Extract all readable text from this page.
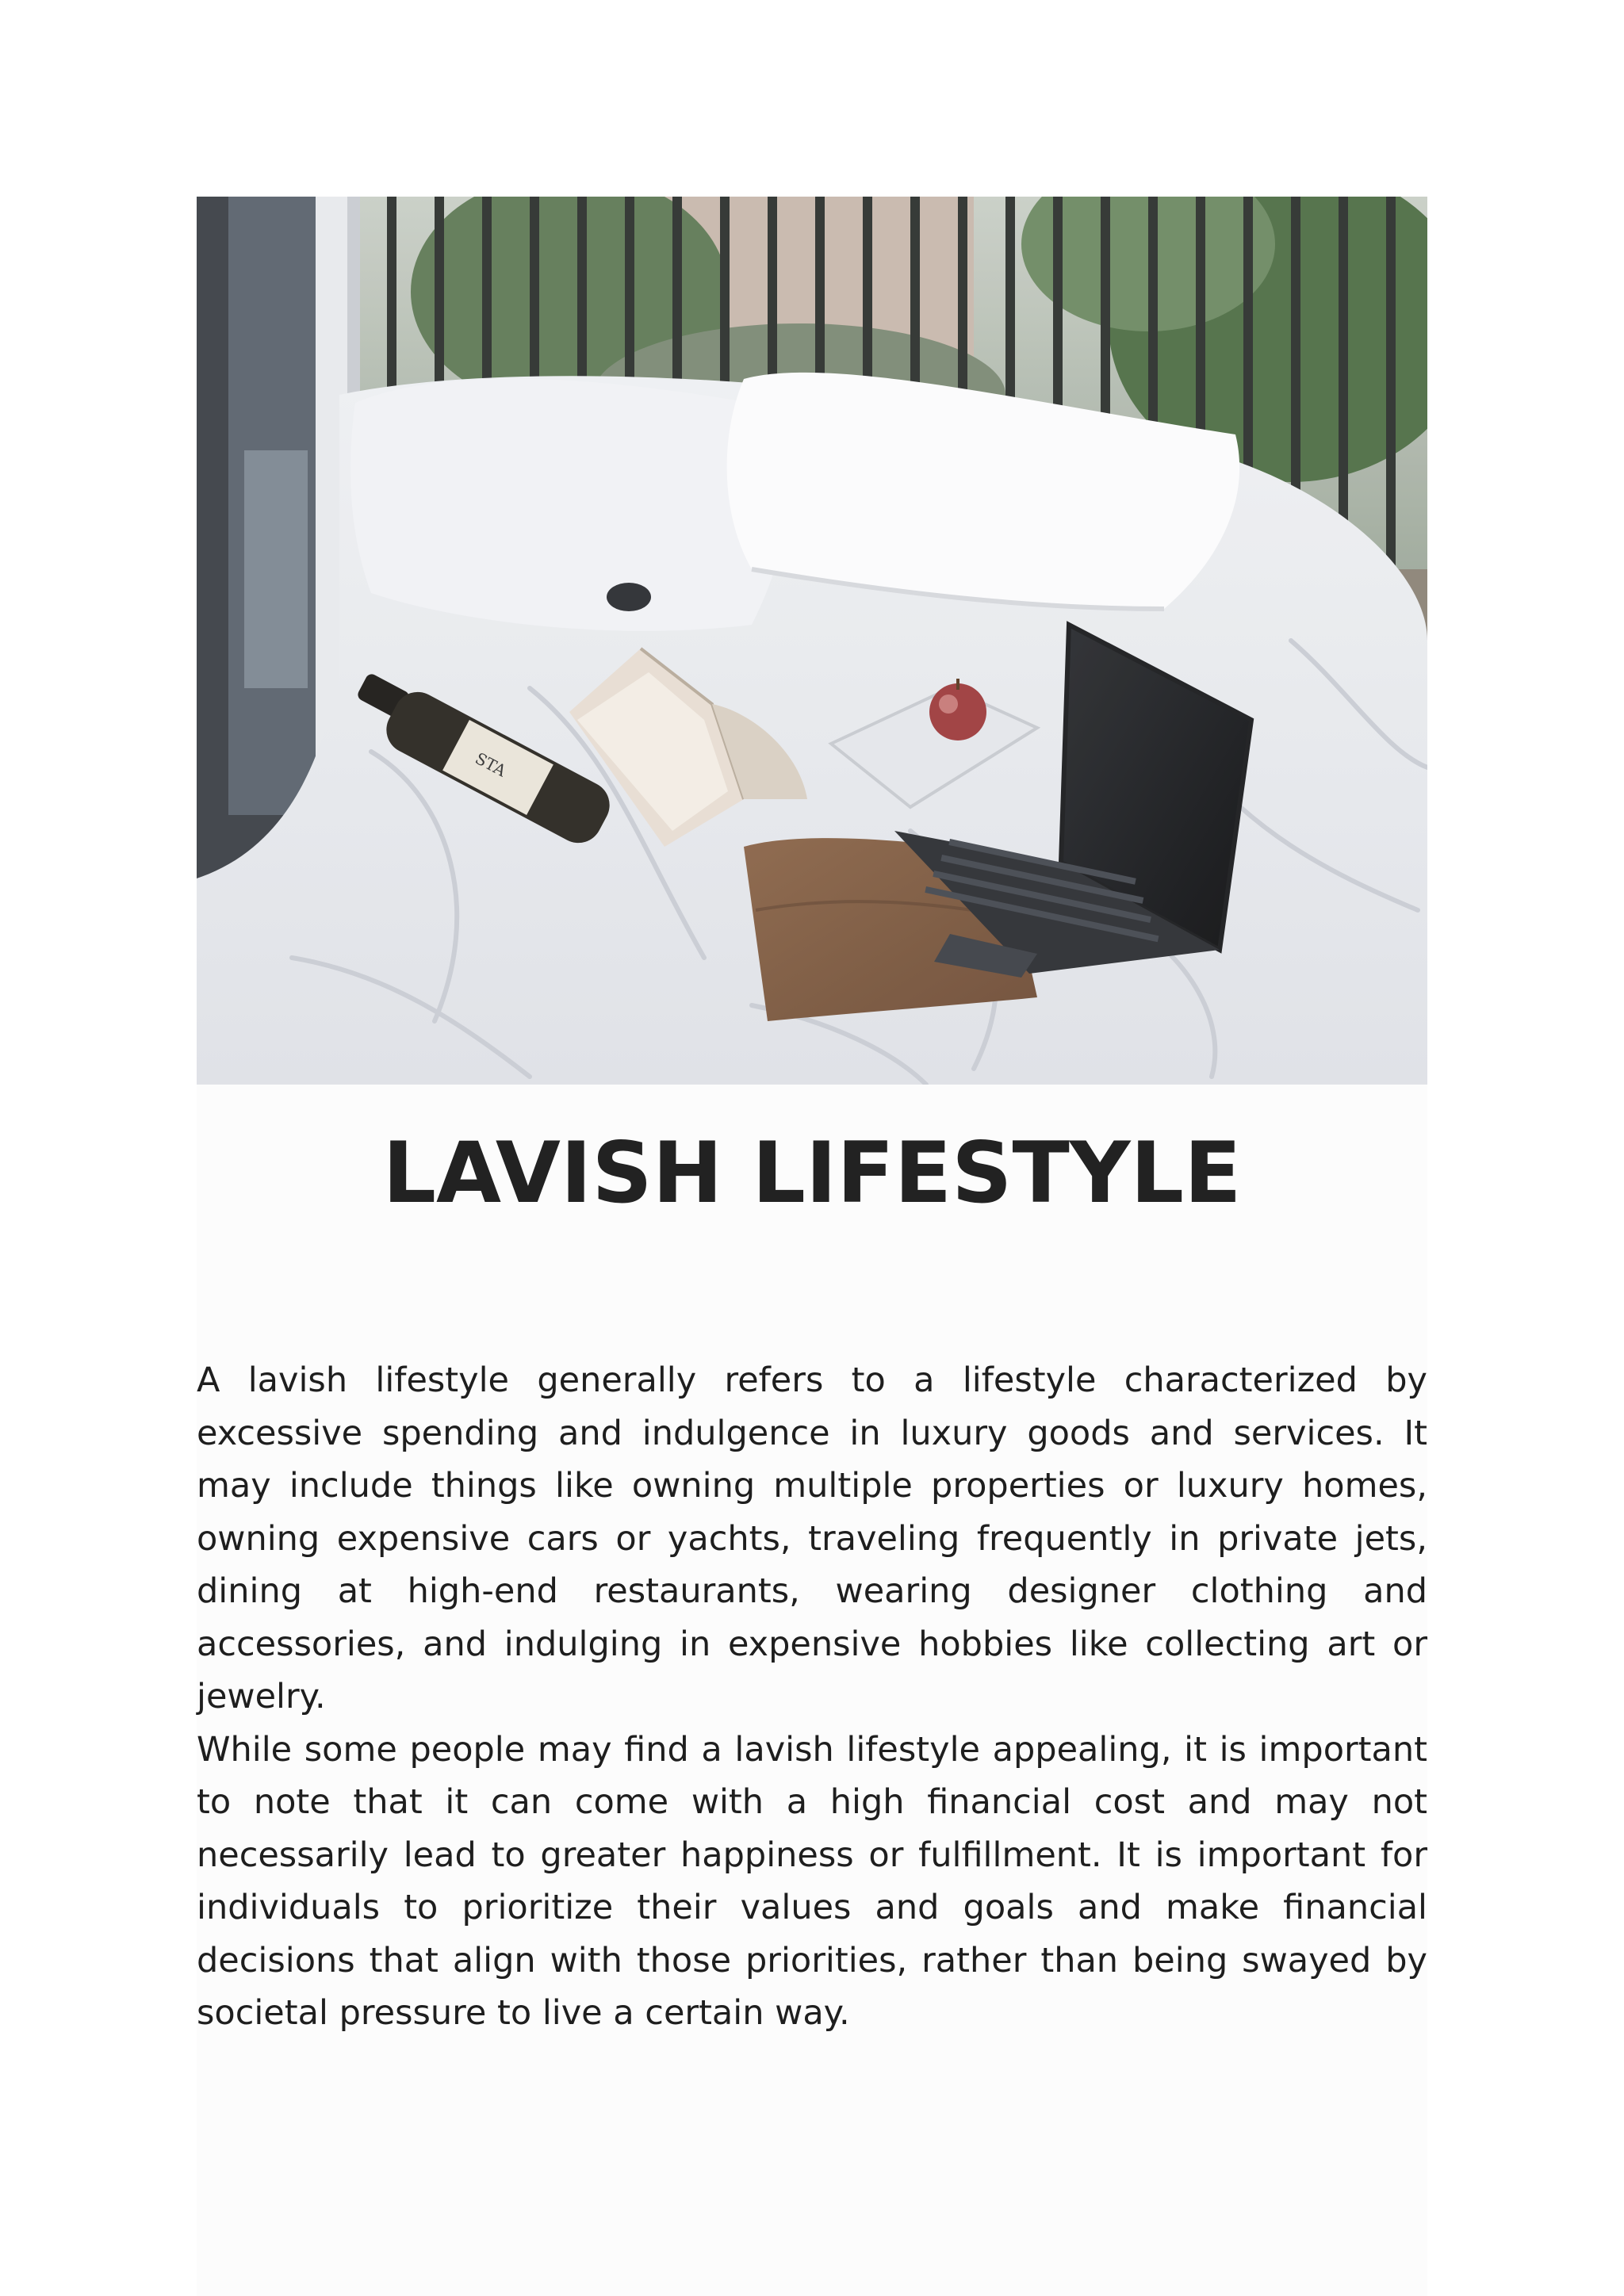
STA
LAVISH LIFESTYLE

A lavish lifestyle generally refers to a lifestyle characterized by excessive spending and indulgence in luxury goods and services. It may include things like owning multiple properties or luxury homes, owning expensive cars or yachts, traveling frequently in private jets, dining at high-end restaurants, wearing designer clothing and accessories, and indulging in expensive hobbies like collecting art or jewelry.

While some people may find a lavish lifestyle appealing, it is important to note that it can come with a high financial cost and may not necessarily lead to greater happiness or fulfillment. It is important for individuals to prioritize their values and goals and make financial decisions that align with those priorities, rather than being swayed by societal pressure to live a certain way.
